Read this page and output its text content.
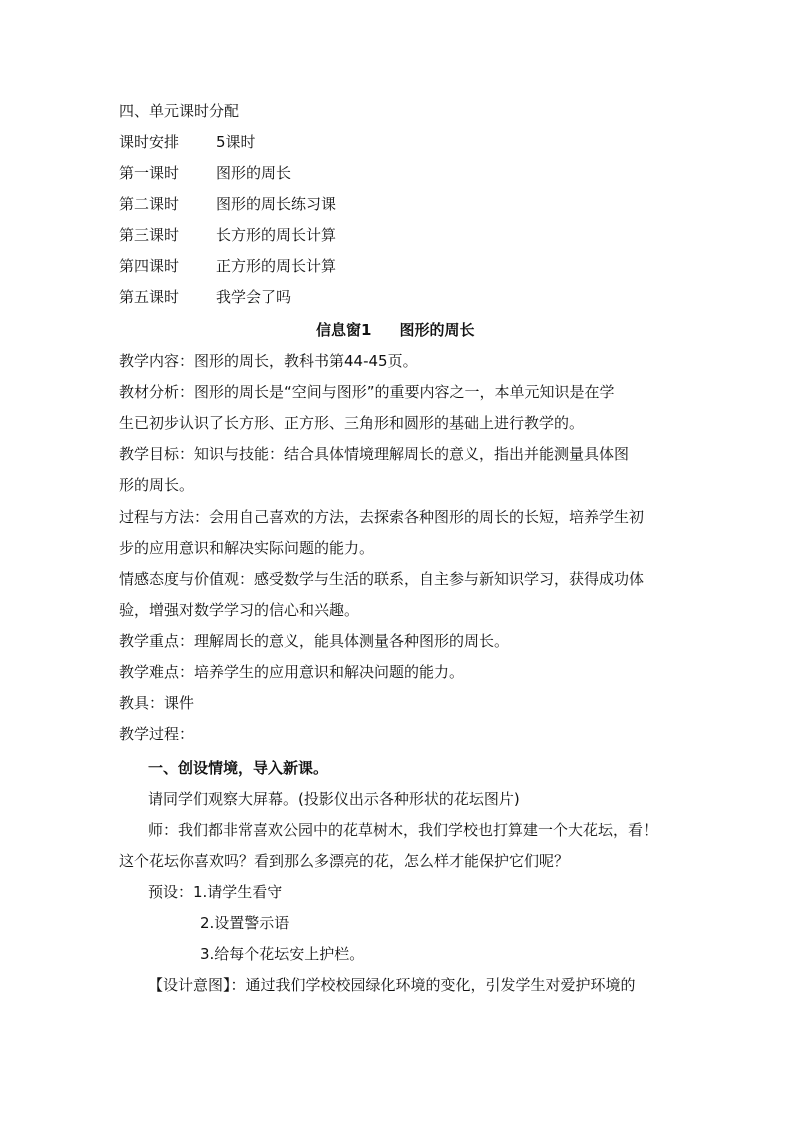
四、单元课时分配
课时安排 5课时
第一课时 图形的周长
第二课时 图形的周长练习课
第三课时 长方形的周长计算
第四课时 正方形的周长计算
第五课时 我学会了吗
信息窗1 图形的周长
教学内容：图形的周长，教科书第44-45页。
教材分析：图形的周长是“空间与图形”的重要内容之一，本单元知识是在学
生已初步认识了长方形、正方形、三角形和圆形的基础上进行教学的。
教学目标：知识与技能：结合具体情境理解周长的意义，指出并能测量具体图
形的周长。
过程与方法：会用自己喜欢的方法，去探索各种图形的周长的长短，培养学生初
步的应用意识和解决实际问题的能力。
情感态度与价值观：感受数学与生活的联系，自主参与新知识学习，获得成功体
验，增强对数学学习的信心和兴趣。
教学重点：理解周长的意义，能具体测量各种图形的周长。
教学难点：培养学生的应用意识和解决问题的能力。
教具：课件
教学过程：
一、创设情境，导入新课。
请同学们观察大屏幕。(投影仪出示各种形状的花坛图片)
师：我们都非常喜欢公园中的花草树木，我们学校也打算建一个大花坛，看！
这个花坛你喜欢吗？看到那么多漂亮的花，怎么样才能保护它们呢？
预设：1.请学生看守
2.设置警示语
3.给每个花坛安上护栏。
【设计意图】：通过我们学校校园绿化环境的变化，引发学生对爱护环境的
